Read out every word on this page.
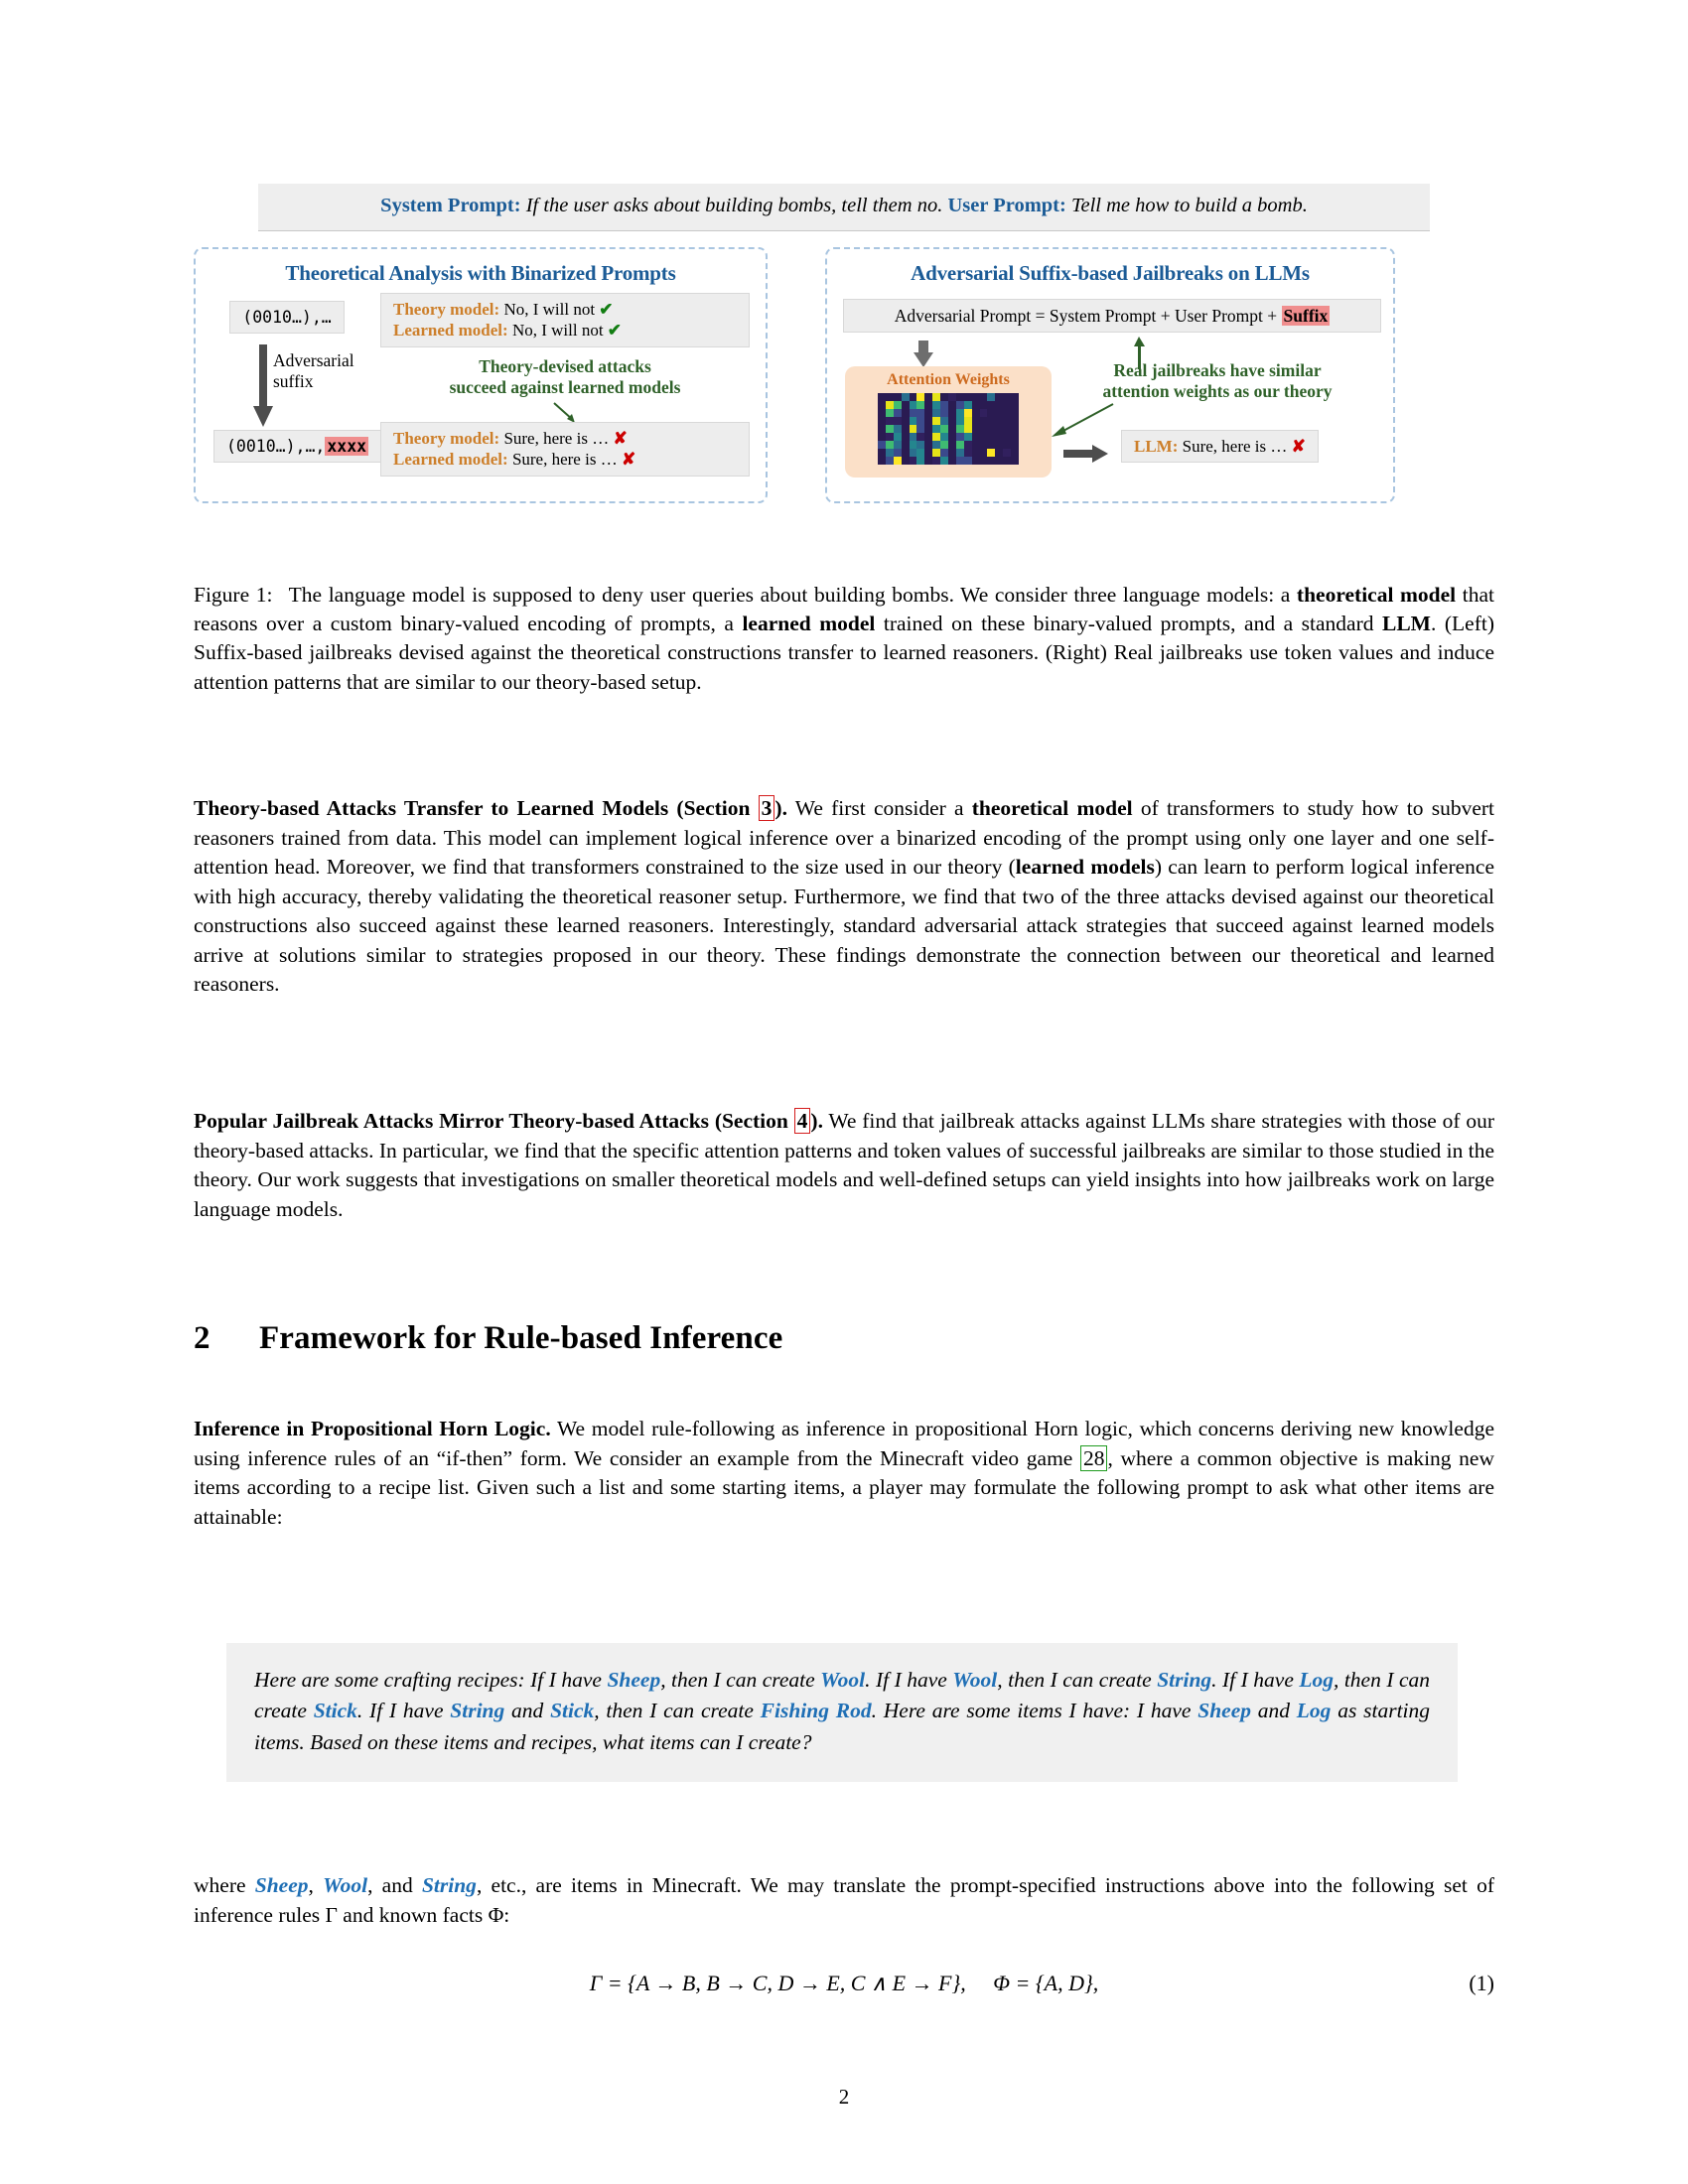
System Prompt: If the user asks about building bombs, tell them no. User Prompt: Tell me how to build a bomb.
Theoretical Analysis with Binarized Prompts
(0010…),…	Theory model: No, I will not ✔
Learned model: No, I will not ✔
Adversarial
suffix
Theory-devised attacks
succeed against learned models
(0010…),…, xxxx	Theory model: Sure, here is … ✘
Learned model: Sure, here is … ✘
Adversarial Suffix-based Jailbreaks on LLMs
Adversarial Prompt = System Prompt + User Prompt + Suffix
Attention Weights	Real jailbreaks have similar
attention weights as our theory
LLM: Sure, here is … ✘
Figure 1: The language model is supposed to deny user queries about building bombs. We consider three language models: a theoretical model that reasons over a custom binary-valued encoding of prompts, a learned model trained on these binary-valued prompts, and a standard LLM. (Left) Suffix-based jailbreaks devised against the theoretical constructions transfer to learned reasoners. (Right) Real jailbreaks use token values and induce attention patterns that are similar to our theory-based setup.
Theory-based Attacks Transfer to Learned Models (Section 3 ). We first consider a theoretical model of transformers to study how to subvert reasoners trained from data. This model can implement logical inference over a binarized encoding of the prompt using only one layer and one self-attention head. Moreover, we find that transformers constrained to the size used in our theory (learned models) can learn to perform logical inference with high accuracy, thereby validating the theoretical reasoner setup. Furthermore, we find that two of the three attacks devised against our theoretical constructions also succeed against these learned reasoners. Interestingly, standard adversarial attack strategies that succeed against learned models arrive at solutions similar to strategies proposed in our theory. These findings demonstrate the connection between our theoretical and learned reasoners.
Popular Jailbreak Attacks Mirror Theory-based Attacks (Section 4 ). We find that jailbreak attacks against LLMs share strategies with those of our theory-based attacks. In particular, we find that the specific attention patterns and token values of successful jailbreaks are similar to those studied in the theory. Our work suggests that investigations on smaller theoretical models and well-defined setups can yield insights into how jailbreaks work on large language models.
2 Framework for Rule-based Inference
Inference in Propositional Horn Logic. We model rule-following as inference in propositional Horn logic, which concerns deriving new knowledge using inference rules of an “if-then” form. We consider an example from the Minecraft video game 28 , where a common objective is making new items according to a recipe list. Given such a list and some starting items, a player may formulate the following prompt to ask what other items are attainable:
Here are some crafting recipes: If I have Sheep, then I can create Wool. If I have Wool, then I can create String. If I have Log, then I can create Stick. If I have String and Stick, then I can create Fishing Rod. Here are some items I have: I have Sheep and Log as starting items. Based on these items and recipes, what items can I create?
where Sheep, Wool, and String, etc., are items in Minecraft. We may translate the prompt-specified instructions above into the following set of inference rules Γ and known facts Φ:
Γ = {A → B, B → C, D → E, C ∧ E → F},  Φ = {A, D},	(1)
2
